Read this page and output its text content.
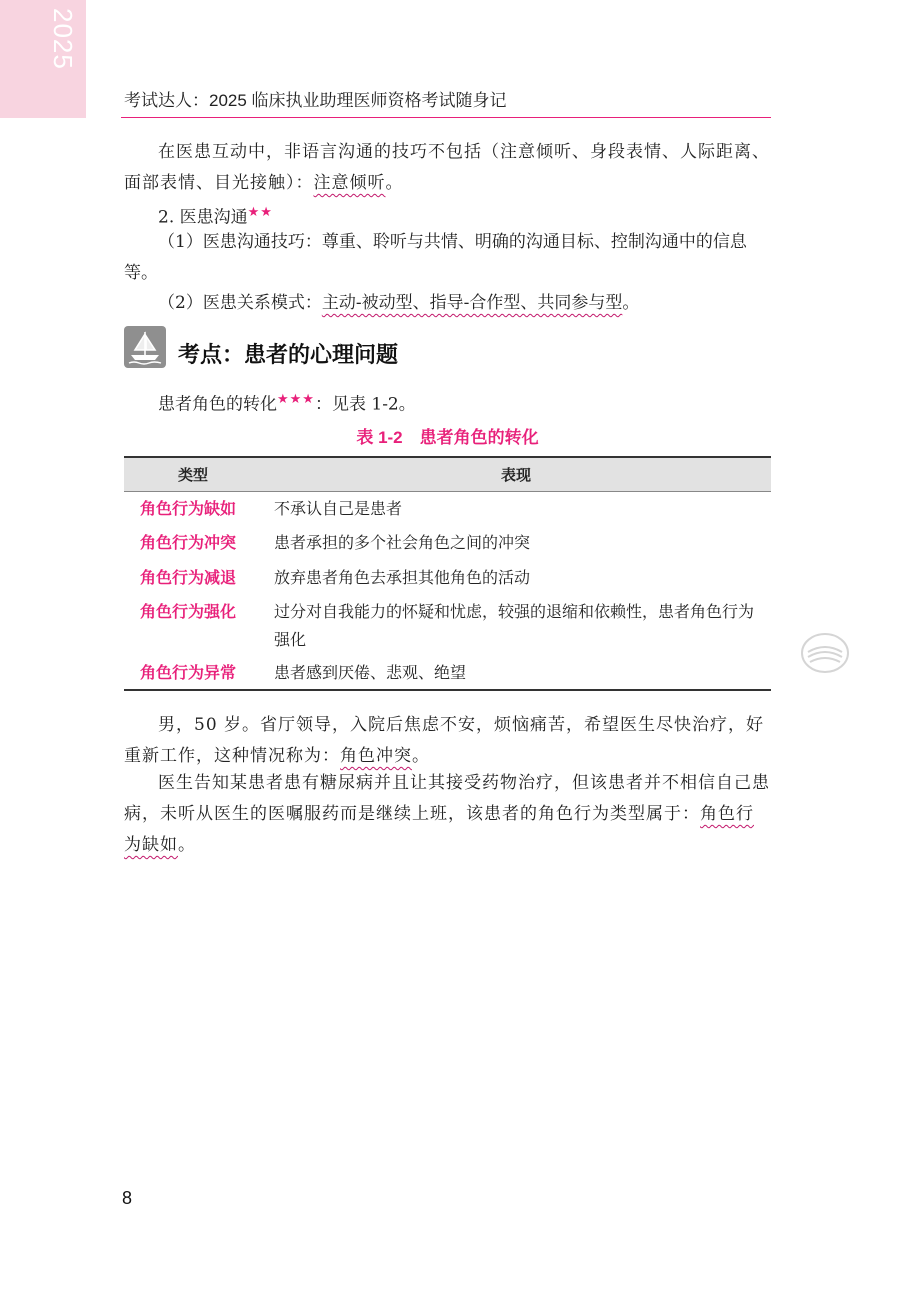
2025
考试达人：2025 临床执业助理医师资格考试随身记
在医患互动中，非语言沟通的技巧不包括（注意倾听、身段表情、人际距离、面部表情、目光接触）：注意倾听。
2. 医患沟通★★
（1）医患沟通技巧：尊重、聆听与共情、明确的沟通目标、控制沟通中的信息等。
（2）医患关系模式：主动-被动型、指导-合作型、共同参与型。
考点：患者的心理问题
患者角色的转化★★★：见表 1-2。
表 1-2　患者角色的转化
类型	表现
角色行为缺如 不承认自己是患者
角色行为冲突 患者承担的多个社会角色之间的冲突
角色行为减退 放弃患者角色去承担其他角色的活动
角色行为强化 过分对自我能力的怀疑和忧虑，较强的退缩和依赖性，患者角色行为强化
角色行为异常 患者感到厌倦、悲观、绝望
男，50 岁。省厅领导，入院后焦虑不安，烦恼痛苦，希望医生尽快治疗，好重新工作，这种情况称为：角色冲突。
医生告知某患者患有糖尿病并且让其接受药物治疗，但该患者并不相信自己患病，未听从医生的医嘱服药而是继续上班，该患者的角色行为类型属于：角色行为缺如。
8
